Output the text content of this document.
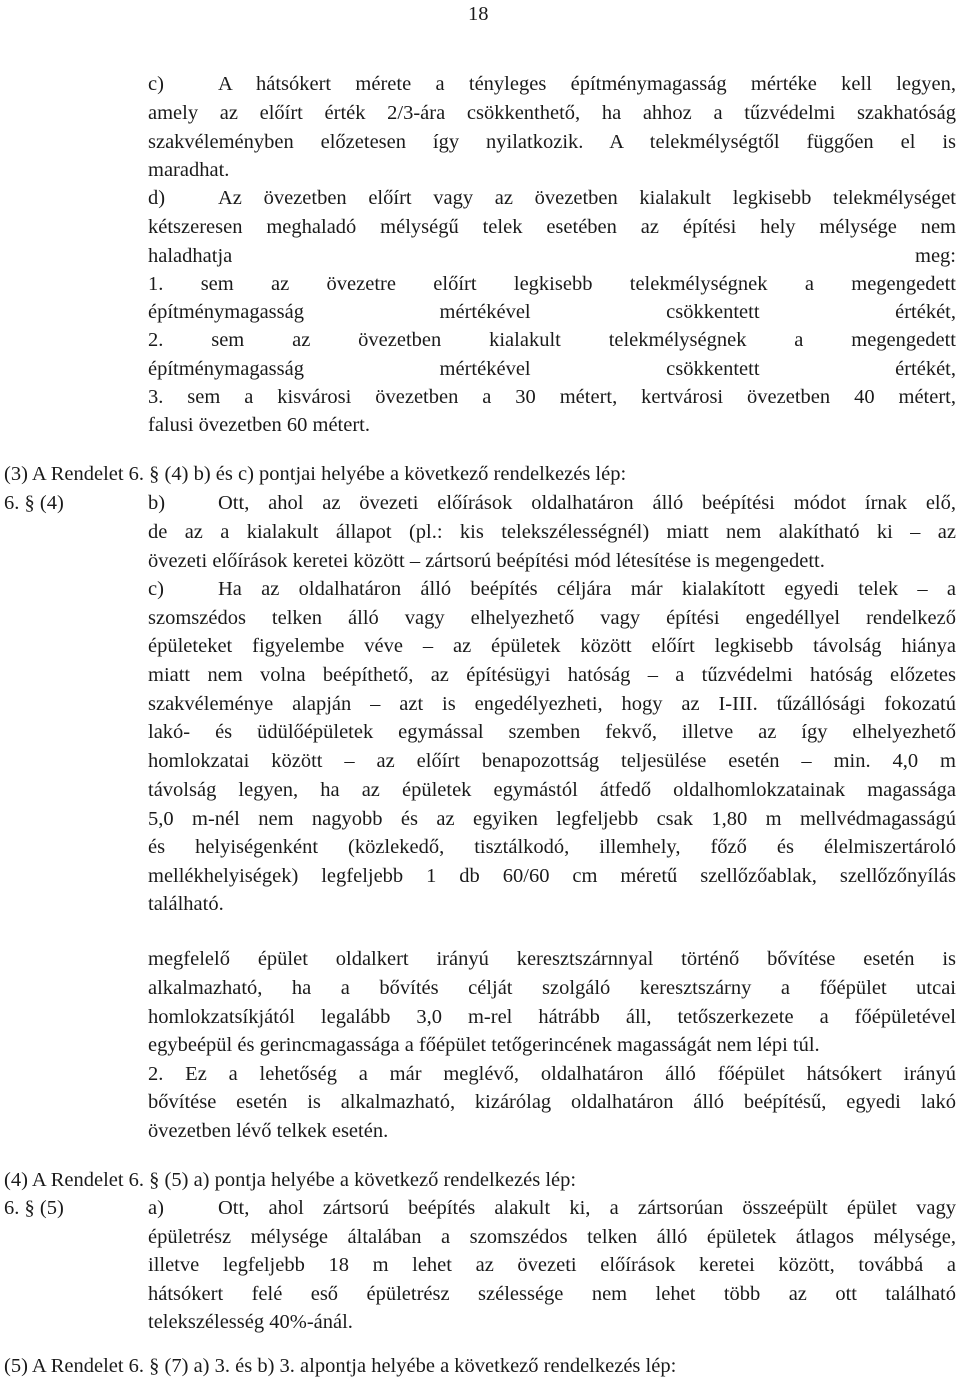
18
c)	A hátsókert mérete a tényleges építménymagasság mértéke kell legyen,
amely az előírt érték 2/3-ára csökkenthető, ha ahhoz a tűzvédelmi szakhatóság
szakvéleményben előzetesen így nyilatkozik. A telekmélységtől függően el is
maradhat.
d)	Az övezetben előírt vagy az övezetben kialakult legkisebb telekmélységet
kétszeresen meghaladó mélységű telek esetében az építési hely mélysége nem
haladhatja meg:
1. sem az övezetre előírt legkisebb telekmélységnek a megengedett
építménymagasság mértékével csökkentett értékét,
2. sem az övezetben kialakult telekmélységnek a megengedett
építménymagasság mértékével csökkentett értékét,
3. sem a kisvárosi övezetben a 30 métert, kertvárosi övezetben 40 métert,
falusi övezetben 60 métert.
(3) A Rendelet 6. § (4) b) és c) pontjai helyébe a következő rendelkezés lép:
6. § (4)	b)	Ott, ahol az övezeti előírások oldalhatáron álló beépítési módot írnak elő,
de az a kialakult állapot (pl.: kis telekszélességnél) miatt nem alakítható ki – az
övezeti előírások keretei között – zártsorú beépítési mód létesítése is megengedett.
c)	Ha az oldalhatáron álló beépítés céljára már kialakított egyedi telek – a
szomszédos telken álló vagy elhelyezhető vagy építési engedéllyel rendelkező
épületeket figyelembe véve – az épületek között előírt legkisebb távolság hiánya
miatt nem volna beépíthető, az építésügyi hatóság – a tűzvédelmi hatóság előzetes
szakvéleménye alapján – azt is engedélyezheti, hogy az I-III. tűzállósági fokozatú
lakó- és üdülőépületek egymással szemben fekvő, illetve az így elhelyezhető
homlokzatai között – az előírt benapozottság teljesülése esetén – min. 4,0 m
távolság legyen, ha az épületek egymástól átfedő oldalhomlokzatainak magassága
5,0 m-nél nem nagyobb és az egyiken legfeljebb csak 1,80 m mellvédmagasságú
és helyiségenként (közlekedő, tisztálkodó, illemhely, főző és élelmiszertároló
mellékhelyiségek) legfeljebb 1 db 60/60 cm méretű szellőzőablak, szellőzőnyílás
található.
megfelelő épület oldalkert irányú keresztszárnnyal történő bővítése esetén is
alkalmazható, ha a bővítés célját szolgáló keresztszárny a főépület utcai
homlokzatsíkjától legalább 3,0 m-rel hátrább áll, tetőszerkezete a főépületével
egybeépül és gerincmagassága a főépület tetőgerincének magasságát nem lépi túl.
2. Ez a lehetőség a már meglévő, oldalhatáron álló főépület hátsókert irányú
bővítése esetén is alkalmazható, kizárólag oldalhatáron álló beépítésű, egyedi lakó
övezetben lévő telkek esetén.
(4) A Rendelet 6. § (5) a) pontja helyébe a következő rendelkezés lép:
6. § (5)	a)	Ott, ahol zártsorú beépítés alakult ki, a zártsorúan összeépült épület vagy
épületrész mélysége általában a szomszédos telken álló épületek átlagos mélysége,
illetve legfeljebb 18 m lehet az övezeti előírások keretei között, továbbá a
hátsókert felé eső épületrész szélessége nem lehet több az ott található
telekszélesség 40%-ánál.
(5) A Rendelet 6. § (7) a) 3. és b) 3. alpontja helyébe a következő rendelkezés lép:
